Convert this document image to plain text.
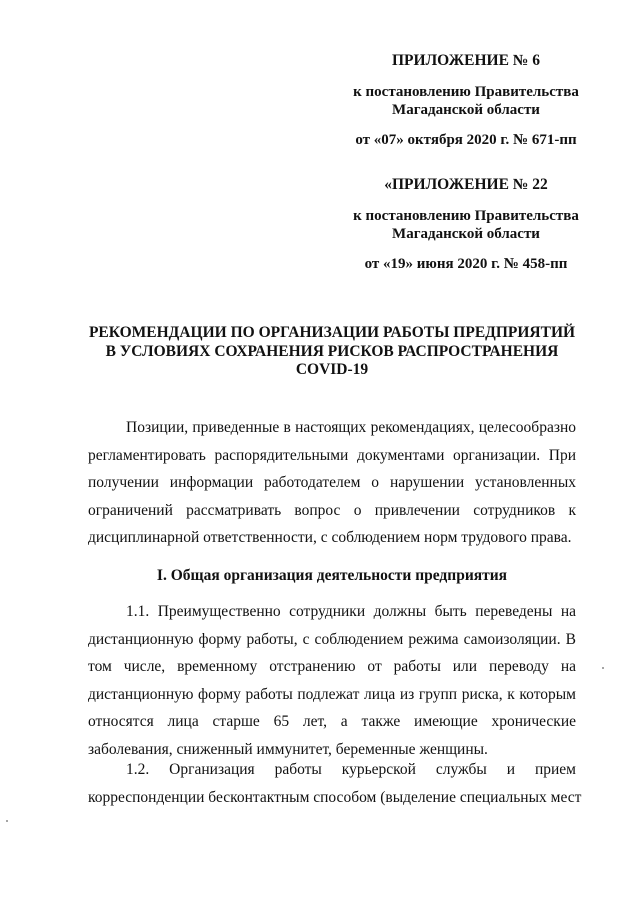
ПРИЛОЖЕНИЕ № 6
к постановлению Правительства
Магаданской области
от «07» октября 2020 г. № 671-пп
«ПРИЛОЖЕНИЕ № 22
к постановлению Правительства
Магаданской области
от «19» июня 2020 г. № 458-пп
РЕКОМЕНДАЦИИ ПО ОРГАНИЗАЦИИ РАБОТЫ ПРЕДПРИЯТИЙ
В УСЛОВИЯХ СОХРАНЕНИЯ РИСКОВ РАСПРОСТРАНЕНИЯ
COVID-19
Позиции, приведенные в настоящих рекомендациях, целесообразно
регламентировать распорядительными документами организации. При
получении информации работодателем о нарушении установленных
ограничений рассматривать вопрос о привлечении сотрудников к
дисциплинарной ответственности, с соблюдением норм трудового права.
I. Общая организация деятельности предприятия
1.1. Преимущественно сотрудники должны быть переведены на
дистанционную форму работы, с соблюдением режима самоизоляции. В
том числе, временному отстранению от работы или переводу на
дистанционную форму работы подлежат лица из групп риска, к которым
относятся лица старше 65 лет, а также имеющие хронические
заболевания, сниженный иммунитет, беременные женщины.
1.2. Организация работы курьерской службы и прием
корреспонденции бесконтактным способом (выделение специальных мест
